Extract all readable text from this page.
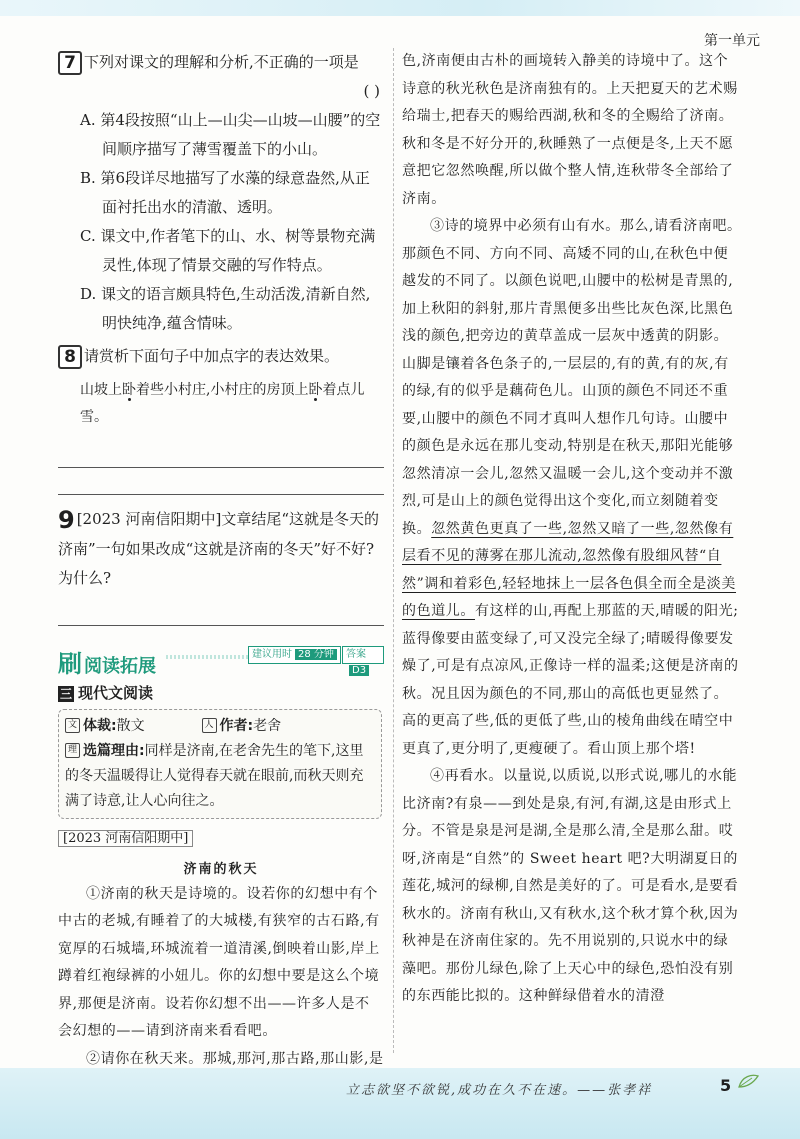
第一单元
7 下列对课文的理解和分析,不正确的一项是
( )
A. 第4段按照“山上—山尖—山坡—山腰”的空间顺序描写了薄雪覆盖下的小山。
B. 第6段详尽地描写了水藻的绿意盎然,从正面衬托出水的清澈、透明。
C. 课文中,作者笔下的山、水、树等景物充满灵性,体现了情景交融的写作特点。
D. 课文的语言颇具特色,生动活泼,清新自然,明快纯净,蕴含情味。
8 请赏析下面句子中加点字的表达效果。
山坡上卧着些小村庄,小村庄的房顶上卧着点儿雪。
9 [2023 河南信阳期中]文章结尾“这就是冬天的济南”一句如果改成“这就是济南的冬天”好不好?为什么?
刷 阅读拓展
建议用时 28 分钟	答案D3
三 现代文阅读
文 体裁:散文	人 作者:老舍
理 选篇理由:同样是济南,在老舍先生的笔下,这里的冬天温暖得让人觉得春天就在眼前,而秋天则充满了诗意,让人心向往之。
[2023 河南信阳期中]
济南的秋天

①济南的秋天是诗境的。设若你的幻想中有个中古的老城,有睡着了的大城楼,有狭窄的古石路,有宽厚的石城墙,环城流着一道清溪,倒映着山影,岸上蹲着红袍绿裤的小妞儿。你的幻想中要是这么个境界,那便是济南。设若你幻想不出——许多人是不会幻想的——请到济南来看看吧。

②请你在秋天来。那城,那河,那古路,那山影,是

色,济南便由古朴的画境转入静美的诗境中了。这个诗意的秋光秋色是济南独有的。上天把夏天的艺术赐给瑞士,把春天的赐给西湖,秋和冬的全赐给了济南。秋和冬是不好分开的,秋睡熟了一点便是冬,上天不愿意把它忽然唤醒,所以做个整人情,连秋带冬全部给了济南。

③诗的境界中必须有山有水。那么,请看济南吧。那颜色不同、方向不同、高矮不同的山,在秋色中便越发的不同了。以颜色说吧,山腰中的松树是青黑的,加上秋阳的斜射,那片青黑便多出些比灰色深,比黑色浅的颜色,把旁边的黄草盖成一层灰中透黄的阴影。山脚是镶着各色条子的,一层层的,有的黄,有的灰,有的绿,有的似乎是藕荷色儿。山顶的颜色不同还不重要,山腰中的颜色不同才真叫人想作几句诗。山腰中的颜色是永远在那儿变动,特别是在秋天,那阳光能够忽然清凉一会儿,忽然又温暖一会儿,这个变动并不激烈,可是山上的颜色觉得出这个变化,而立刻随着变换。忽然黄色更真了一些,忽然又暗了一些,忽然像有层看不见的薄雾在那儿流动,忽然像有股细风替“自然”调和着彩色,轻轻地抹上一层各色俱全而全是淡美的色道儿。有这样的山,再配上那蓝的天,晴暖的阳光;蓝得像要由蓝变绿了,可又没完全绿了;晴暖得像要发燥了,可是有点凉风,正像诗一样的温柔;这便是济南的秋。况且因为颜色的不同,那山的高低也更显然了。高的更高了些,低的更低了些,山的棱角曲线在晴空中更真了,更分明了,更瘦硬了。看山顶上那个塔!

④再看水。以量说,以质说,以形式说,哪儿的水能比济南?有泉——到处是泉,有河,有湖,这是由形式上分。不管是泉是河是湖,全是那么清,全是那么甜。哎呀,济南是“自然”的 Sweet heart 吧?大明湖夏日的莲花,城河的绿柳,自然是美好的了。可是看水,是要看秋水的。济南有秋山,又有秋水,这个秋才算个秋,因为秋神是在济南住家的。先不用说别的,只说水中的绿藻吧。那份儿绿色,除了上天心中的绿色,恐怕没有别的东西能比拟的。这种鲜绿借着水的清澄

立志欲坚不欲锐,成功在久不在速。——张孝祥	5
